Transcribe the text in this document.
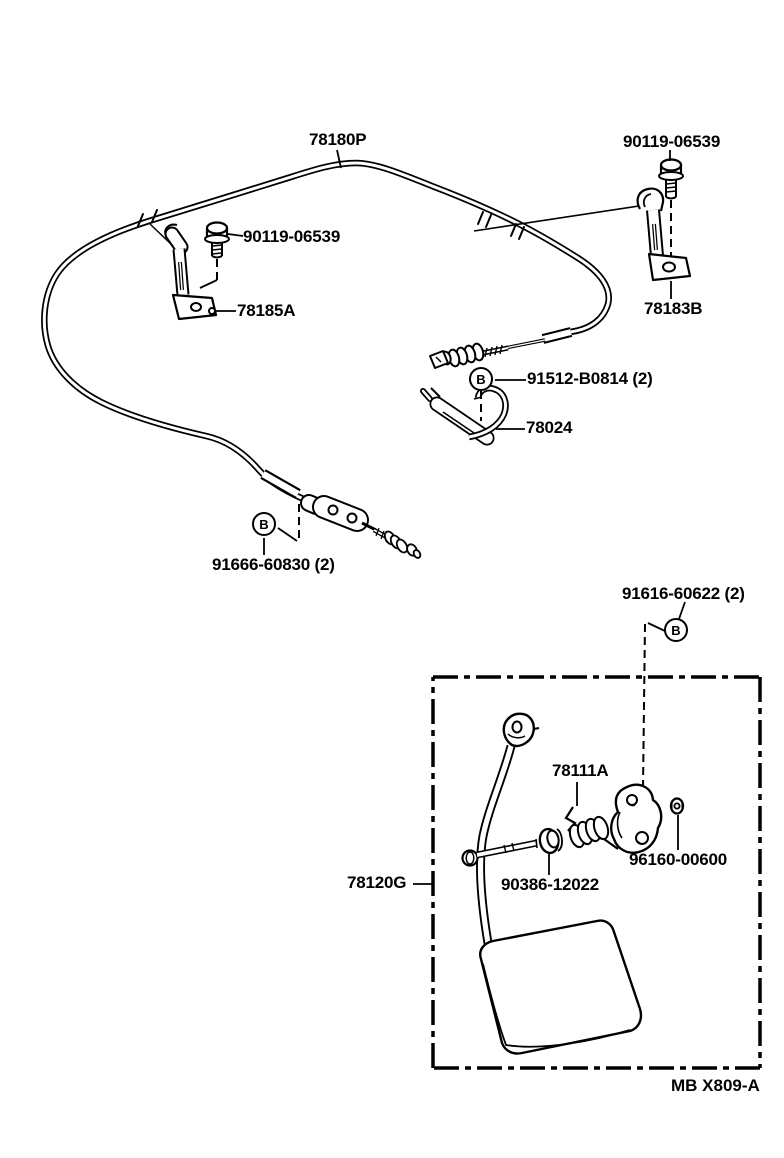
78180P	90119-06539
78183B
90119-06539
78185A
91512-B0814 (2)
78024
91666-60830 (2)
91616-60622 (2)
78111A
96160-00600
90386-12022
78120G
B
B
B
MB X809-A
